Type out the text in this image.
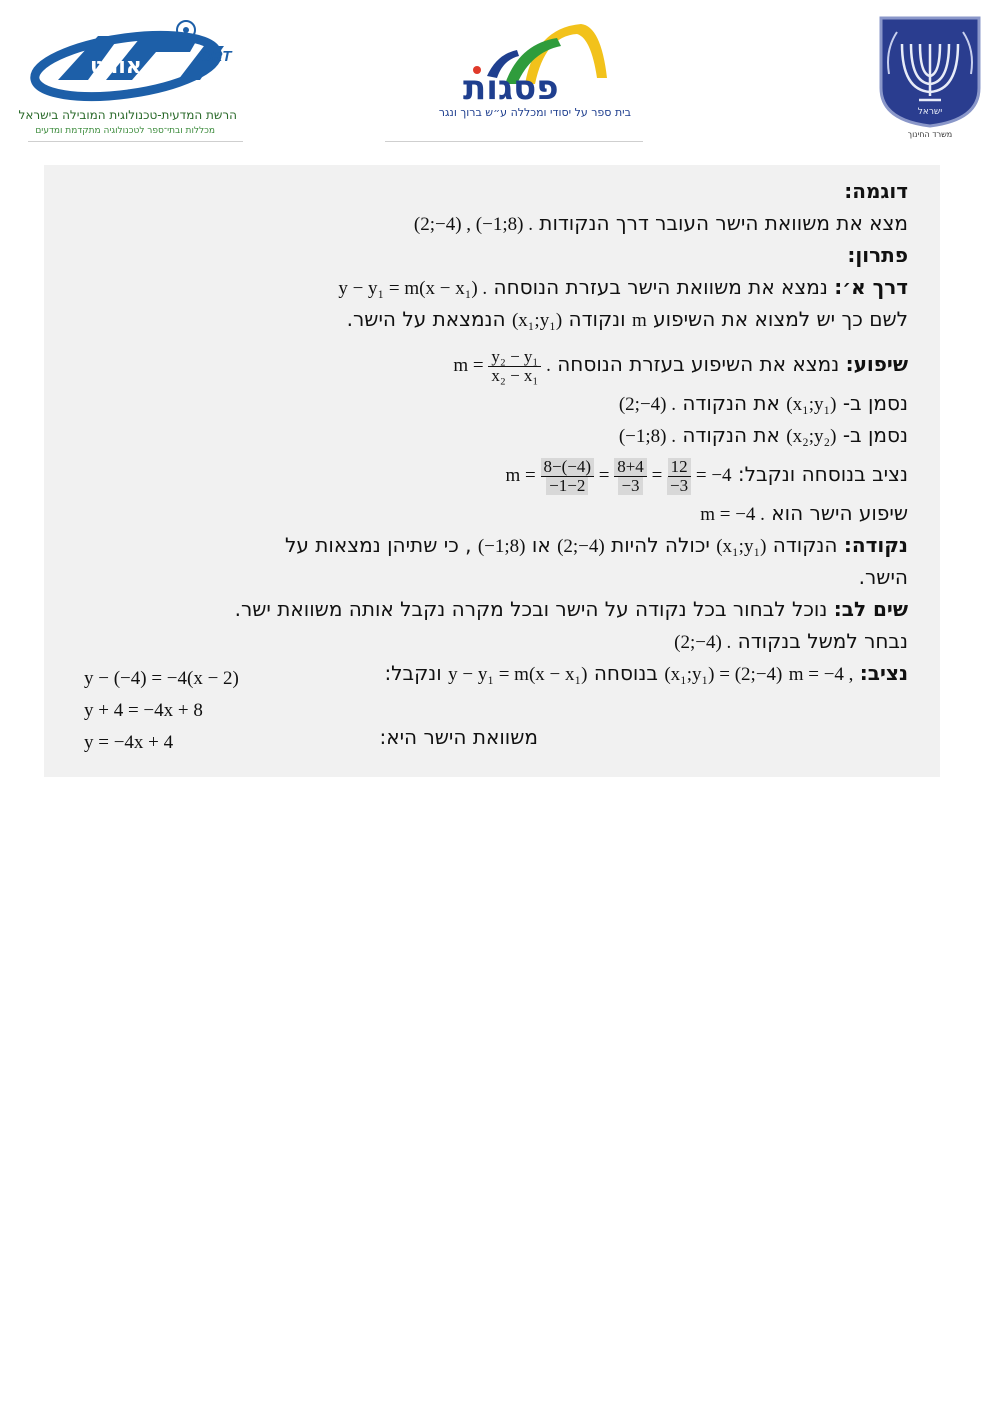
ORT
אורט
הרשת המדעית-טכנולוגית המובילה בישראל
מכללות ובתי־ספר לטכנולוגיה מתקדמת ומדעים
פסגות
בית ספר על יסודי ומכללה ע״ש ברוך ונגר	ישראל
משרד החינוך
דוגמה:
מצא את משוואת הישר העובר דרך הנקודות (2;−4) , (−1;8) .
פתרון:
דרך א׳: נמצא את משוואת הישר בעזרת הנוסחה y − y₁ = m(x − x₁) .
לשם כך יש למצוא את השיפוע m ונקודה (x₁;y₁) הנמצאת על הישר.
שיפוע: נמצא את השיפוע בעזרת הנוסחה $m = \frac{\text{y₂ − y₁}}{\text{x₂ − x₁}}$ .
נסמן ב- (x₁;y₁) את הנקודה (2;−4) .
נסמן ב- (x₂;y₂) את הנקודה (−1;8) .
נציב בנוסחה ונקבל: $m = \frac{8-(-4)}{-1-2} = \frac{8+4}{-3} = \frac{12}{-3} = -4$
שיפוע הישר הוא m = −4 .
נקודה: הנקודה (x₁;y₁) יכולה להיות (2;−4) או (−1;8) , כי שתיהן נמצאות על
הישר.
שים לב: נוכל לבחור בכל נקודה על הישר ובכל מקרה נקבל אותה משוואת ישר.
נבחר למשל בנקודה (2;−4) .
נציב: m = −4 , (x₁;y₁) = (2;−4) בנוסחה y − y₁ = m(x − x₁) ונקבל:
משוואת הישר היא:
y − (−4) = −4(x − 2)
y + 4 = −4x + 8
y = −4x + 4
